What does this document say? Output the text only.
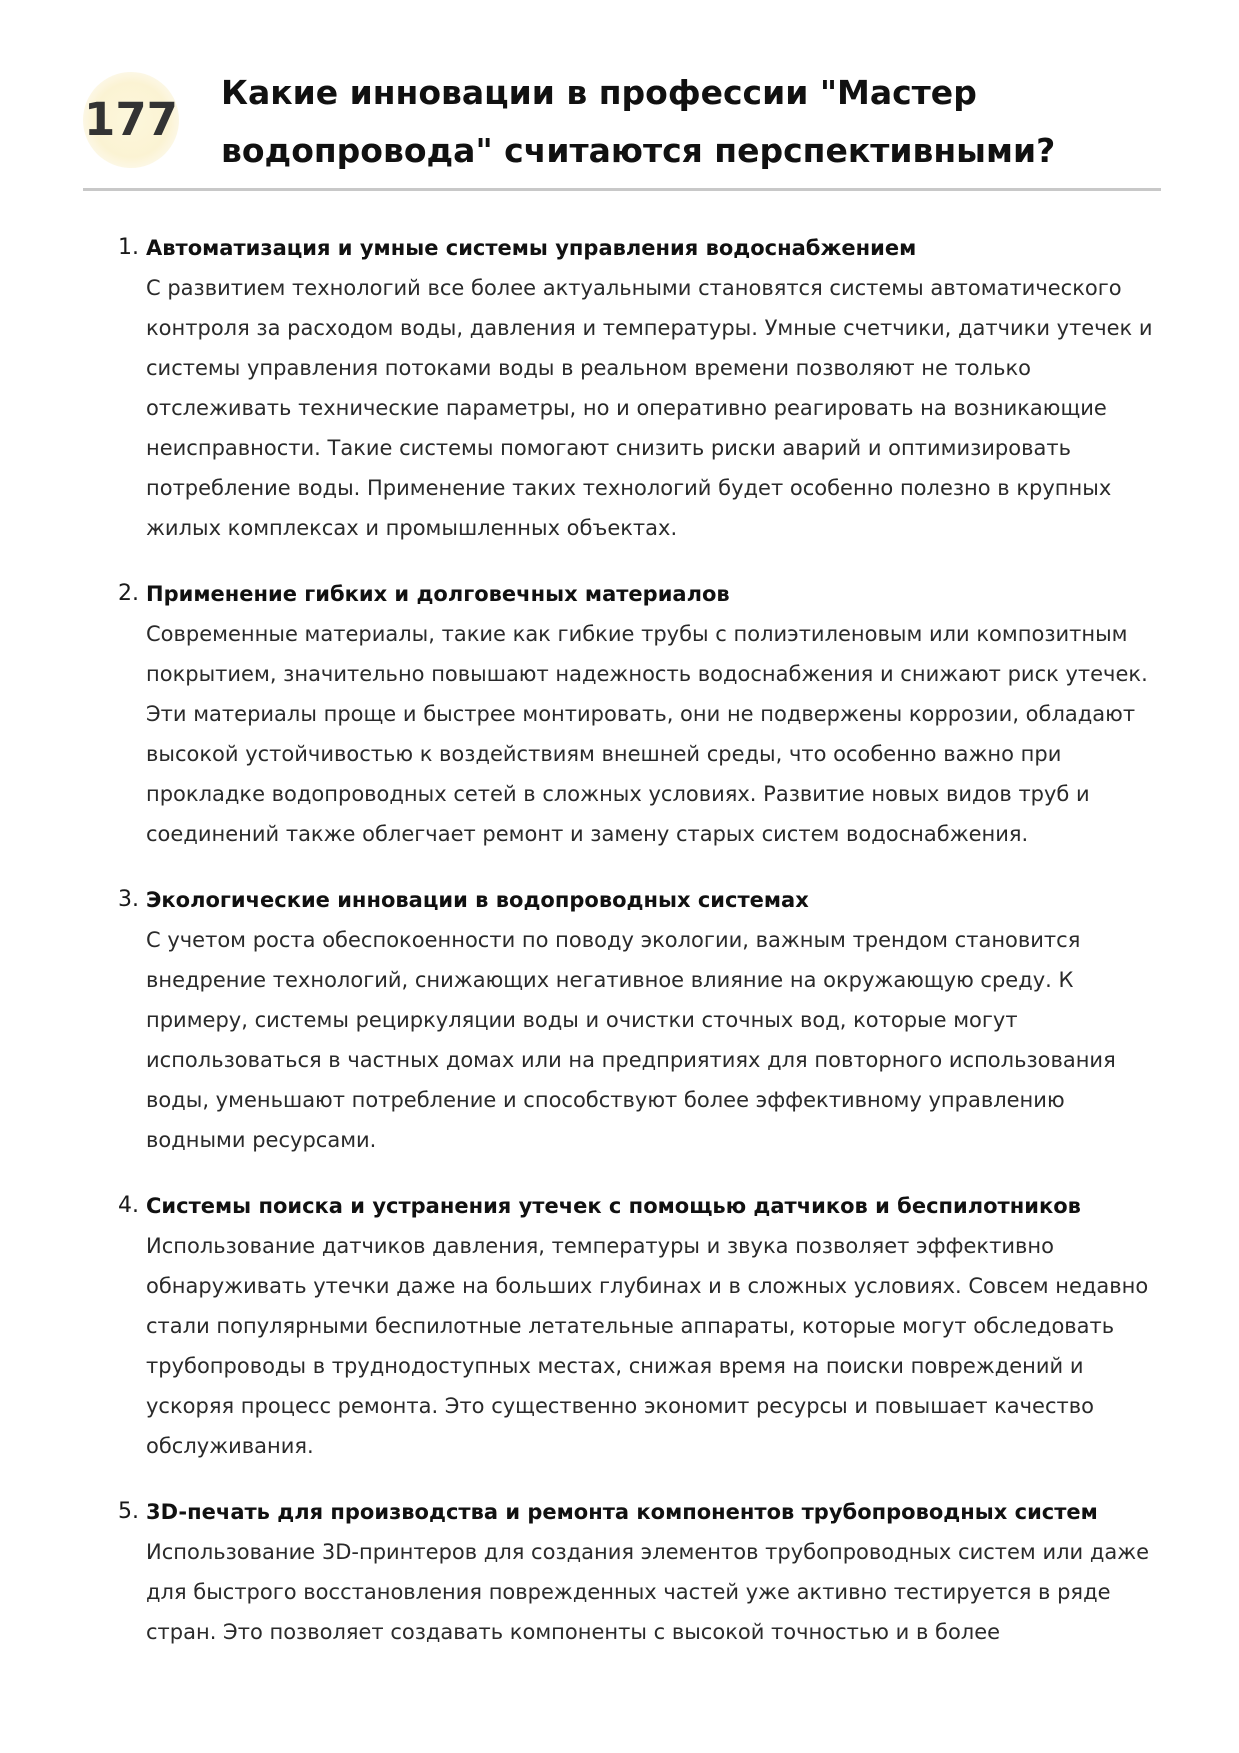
177
Какие инновации в профессии "Мастер водопровода" считаются перспективными?
1. Автоматизация и умные системы управления водоснабжением

С развитием технологий все более актуальными становятся системы автоматического контроля за расходом воды, давления и температуры. Умные счетчики, датчики утечек и системы управления потоками воды в реальном времени позволяют не только отслеживать технические параметры, но и оперативно реагировать на возникающие неисправности. Такие системы помогают снизить риски аварий и оптимизировать потребление воды. Применение таких технологий будет особенно полезно в крупных жилых комплексах и промышленных объектах.

2. Применение гибких и долговечных материалов

Современные материалы, такие как гибкие трубы с полиэтиленовым или композитным покрытием, значительно повышают надежность водоснабжения и снижают риск утечек. Эти материалы проще и быстрее монтировать, они не подвержены коррозии, обладают высокой устойчивостью к воздействиям внешней среды, что особенно важно при прокладке водопроводных сетей в сложных условиях. Развитие новых видов труб и соединений также облегчает ремонт и замену старых систем водоснабжения.

3. Экологические инновации в водопроводных системах

С учетом роста обеспокоенности по поводу экологии, важным трендом становится внедрение технологий, снижающих негативное влияние на окружающую среду. К примеру, системы рециркуляции воды и очистки сточных вод, которые могут использоваться в частных домах или на предприятиях для повторного использования воды, уменьшают потребление и способствуют более эффективному управлению водными ресурсами.

4. Системы поиска и устранения утечек с помощью датчиков и беспилотников

Использование датчиков давления, температуры и звука позволяет эффективно обнаруживать утечки даже на больших глубинах и в сложных условиях. Совсем недавно стали популярными беспилотные летательные аппараты, которые могут обследовать трубопроводы в труднодоступных местах, снижая время на поиски повреждений и ускоряя процесс ремонта. Это существенно экономит ресурсы и повышает качество обслуживания.

5. 3D-печать для производства и ремонта компонентов трубопроводных систем

Использование 3D-принтеров для создания элементов трубопроводных систем или даже для быстрого восстановления поврежденных частей уже активно тестируется в ряде стран. Это позволяет создавать компоненты с высокой точностью и в более
